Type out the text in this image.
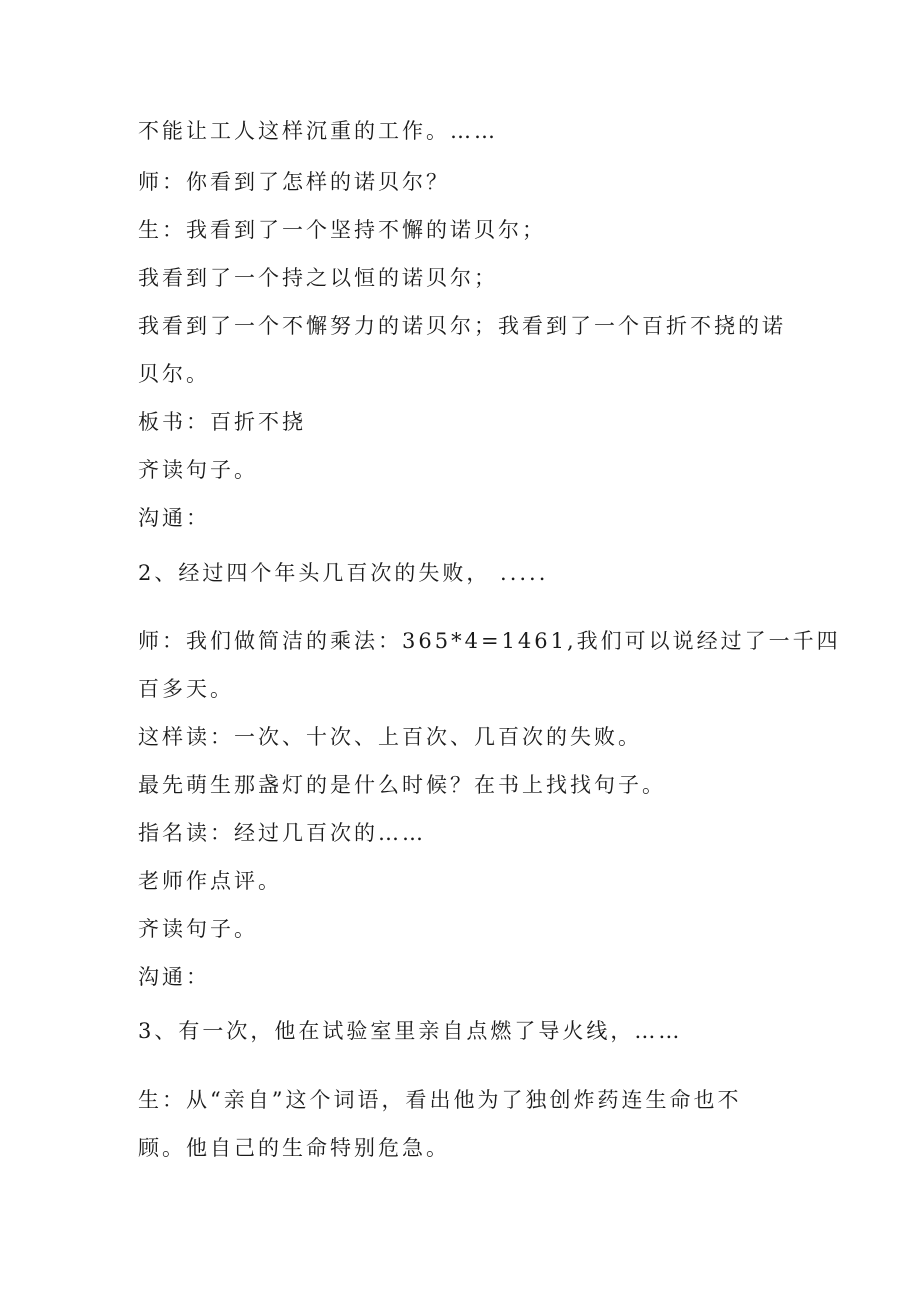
不能让工人这样沉重的工作。……
师：你看到了怎样的诺贝尔？
生：我看到了一个坚持不懈的诺贝尔；
我看到了一个持之以恒的诺贝尔；
我看到了一个不懈努力的诺贝尔；我看到了一个百折不挠的诺
贝尔。
板书：百折不挠
齐读句子。
沟通：
2、经过四个年头几百次的失败， .....
师：我们做简洁的乘法：365*4=1461,我们可以说经过了一千四
百多天。
这样读：一次、十次、上百次、几百次的失败。
最先萌生那盏灯的是什么时候？在书上找找句子。
指名读：经过几百次的……
老师作点评。
齐读句子。
沟通：
3、有一次，他在试验室里亲自点燃了导火线，……
生：从“亲自”这个词语，看出他为了独创炸药连生命也不
顾。他自己的生命特别危急。
